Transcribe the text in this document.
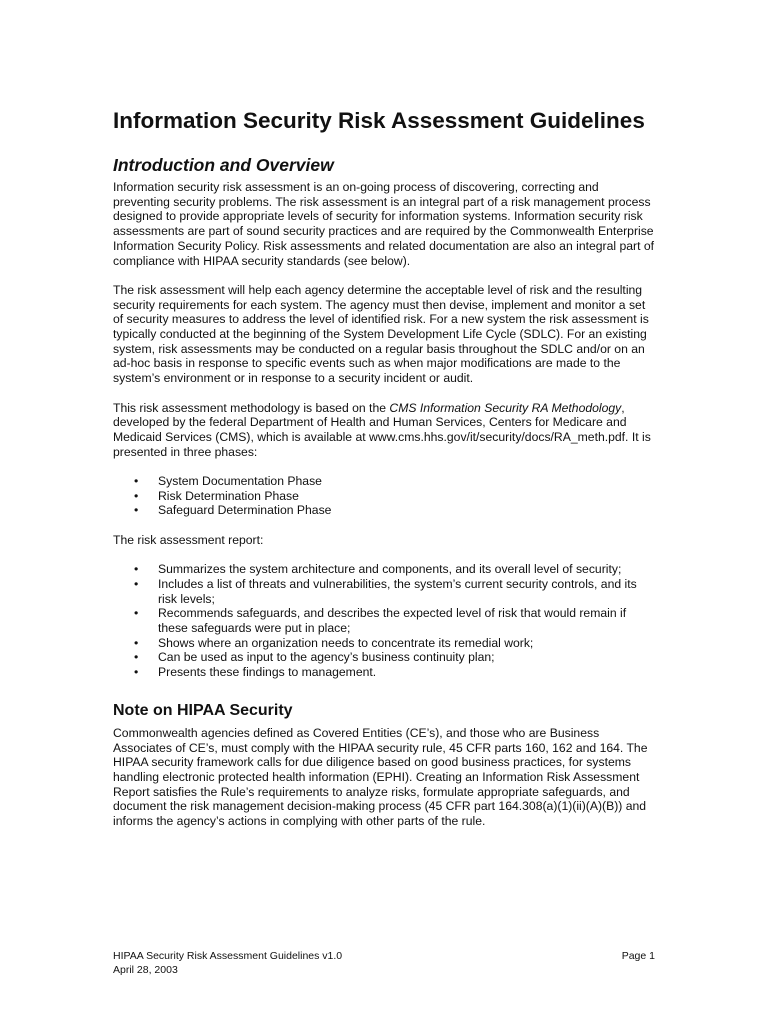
Information Security Risk Assessment Guidelines
Introduction and Overview

Information security risk assessment is an on-going process of discovering, correcting and preventing security problems. The risk assessment is an integral part of a risk management process designed to provide appropriate levels of security for information systems. Information security risk assessments are part of sound security practices and are required by the Commonwealth Enterprise Information Security Policy. Risk assessments and related documentation are also an integral part of compliance with HIPAA security standards (see below).

The risk assessment will help each agency determine the acceptable level of risk and the resulting security requirements for each system. The agency must then devise, implement and monitor a set of security measures to address the level of identified risk. For a new system the risk assessment is typically conducted at the beginning of the System Development Life Cycle (SDLC). For an existing system, risk assessments may be conducted on a regular basis throughout the SDLC and/or on an ad-hoc basis in response to specific events such as when major modifications are made to the system’s environment or in response to a security incident or audit.

This risk assessment methodology is based on the CMS Information Security RA Methodology, developed by the federal Department of Health and Human Services, Centers for Medicare and Medicaid Services (CMS), which is available at www.cms.hhs.gov/it/security/docs/RA_meth.pdf. It is presented in three phases:

• System Documentation Phase
• Risk Determination Phase
• Safeguard Determination Phase

The risk assessment report:

• Summarizes the system architecture and components, and its overall level of security;
• Includes a list of threats and vulnerabilities, the system’s current security controls, and its risk levels;
• Recommends safeguards, and describes the expected level of risk that would remain if these safeguards were put in place;
• Shows where an organization needs to concentrate its remedial work;
• Can be used as input to the agency’s business continuity plan;
• Presents these findings to management.
Note on HIPAA Security

Commonwealth agencies defined as Covered Entities (CE’s), and those who are Business Associates of CE’s, must comply with the HIPAA security rule, 45 CFR parts 160, 162 and 164. The HIPAA security framework calls for due diligence based on good business practices, for systems handling electronic protected health information (EPHI). Creating an Information Risk Assessment Report satisfies the Rule’s requirements to analyze risks, formulate appropriate safeguards, and document the risk management decision-making process (45 CFR part 164.308(a)(1)(ii)(A)(B)) and informs the agency’s actions in complying with other parts of the rule.

HIPAA Security Risk Assessment Guidelines v1.0
April 28, 2003
Page 1
